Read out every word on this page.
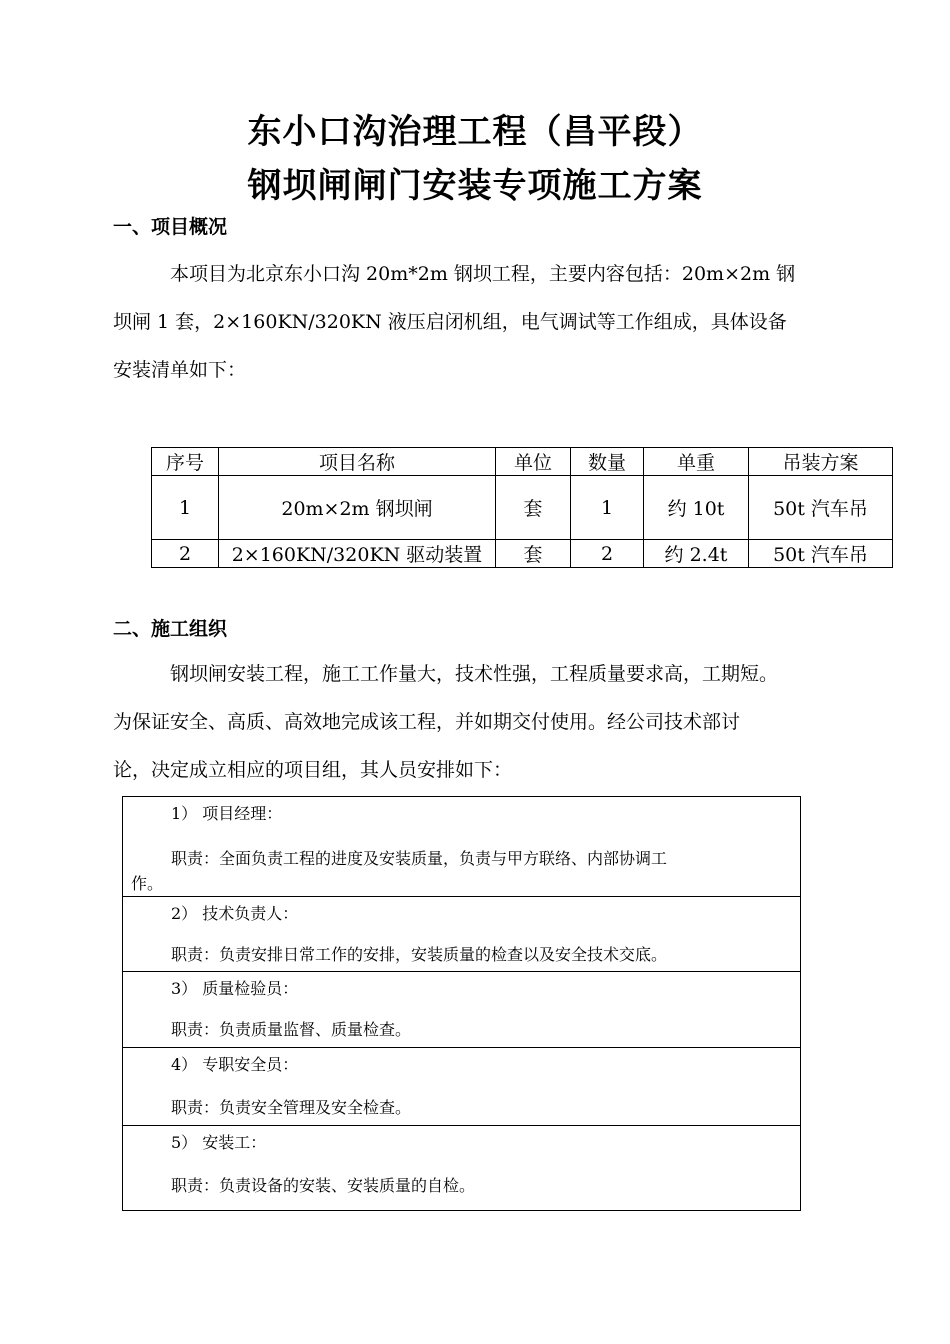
东小口沟治理工程（昌平段）
钢坝闸闸门安装专项施工方案
一、项目概况
本项目为北京东小口沟 20m*2m 钢坝工程，主要内容包括：20m×2m 钢
坝闸 1 套，2×160KN/320KN 液压启闭机组，电气调试等工作组成，具体设备
安装清单如下：
序号	项目名称	单位	数量	单重	吊装方案
1	20m×2m 钢坝闸	套	1	约 10t	50t 汽车吊
2	2×160KN/320KN 驱动装置	套	2	约 2.4t	50t 汽车吊
二、施工组织
钢坝闸安装工程，施工工作量大，技术性强，工程质量要求高，工期短。
为保证安全、高质、高效地完成该工程，并如期交付使用。经公司技术部讨
论，决定成立相应的项目组，其人员安排如下：
1） 项目经理：
职责：全面负责工程的进度及安装质量，负责与甲方联络、内部协调工
作。

2） 技术负责人：
职责：负责安排日常工作的安排，安装质量的检查以及安全技术交底。

3） 质量检验员：
职责：负责质量监督、质量检查。

4） 专职安全员：
职责：负责安全管理及安全检查。

5） 安装工：
职责：负责设备的安装、安装质量的自检。
